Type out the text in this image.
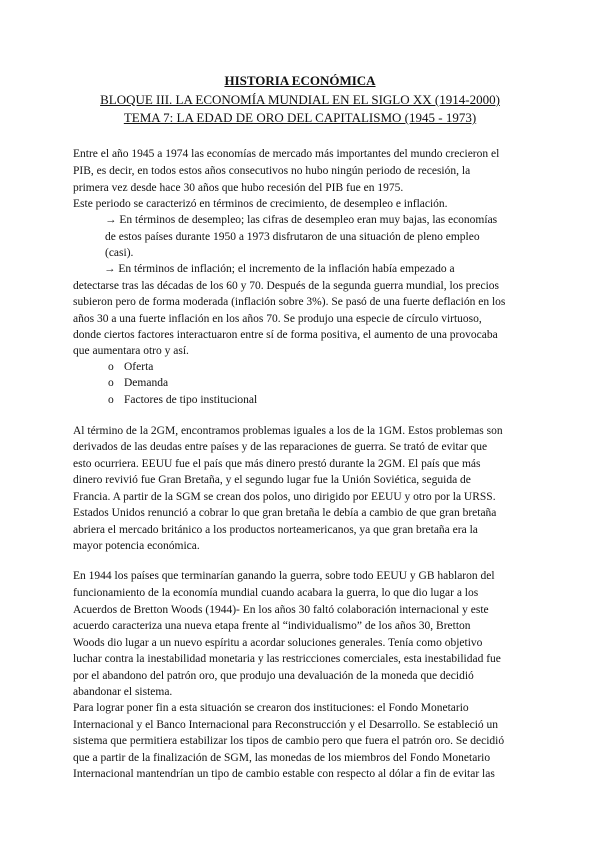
HISTORIA ECONÓMICA
BLOQUE III. LA ECONOMÍA MUNDIAL EN EL SIGLO XX (1914-2000)
TEMA 7: LA EDAD DE ORO DEL CAPITALISMO (1945 - 1973)
Entre el año 1945 a 1974 las economías de mercado más importantes del mundo crecieron el
PIB, es decir, en todos estos años consecutivos no hubo ningún periodo de recesión, la
primera vez desde hace 30 años que hubo recesión del PIB fue en 1975.
Este periodo se caracterizó en términos de crecimiento, de desempleo e inflación.
→ En términos de desempleo; las cifras de desempleo eran muy bajas, las economías
de estos países durante 1950 a 1973 disfrutaron de una situación de pleno empleo
(casi).
→ En términos de inflación; el incremento de la inflación había empezado a
detectarse tras las décadas de los 60 y 70. Después de la segunda guerra mundial, los precios
subieron pero de forma moderada (inflación sobre 3%). Se pasó de una fuerte deflación en los
años 30 a una fuerte inflación en los años 70. Se produjo una especie de círculo virtuoso,
donde ciertos factores interactuaron entre sí de forma positiva, el aumento de una provocaba
que aumentara otro y así.
o Oferta
o Demanda
o Factores de tipo institucional
Al término de la 2GM, encontramos problemas iguales a los de la 1GM. Estos problemas son
derivados de las deudas entre países y de las reparaciones de guerra. Se trató de evitar que
esto ocurriera. EEUU fue el país que más dinero prestó durante la 2GM. El país que más
dinero revivió fue Gran Bretaña, y el segundo lugar fue la Unión Soviética, seguida de
Francia. A partir de la SGM se crean dos polos, uno dirigido por EEUU y otro por la URSS.
Estados Unidos renunció a cobrar lo que gran bretaña le debía a cambio de que gran bretaña
abriera el mercado británico a los productos norteamericanos, ya que gran bretaña era la
mayor potencia económica.
En 1944 los países que terminarían ganando la guerra, sobre todo EEUU y GB hablaron del
funcionamiento de la economía mundial cuando acabara la guerra, lo que dio lugar a los
Acuerdos de Bretton Woods (1944)- En los años 30 faltó colaboración internacional y este
acuerdo caracteriza una nueva etapa frente al “individualismo” de los años 30, Bretton
Woods dio lugar a un nuevo espíritu a acordar soluciones generales. Tenía como objetivo
luchar contra la inestabilidad monetaria y las restricciones comerciales, esta inestabilidad fue
por el abandono del patrón oro, que produjo una devaluación de la moneda que decidió
abandonar el sistema.
Para lograr poner fin a esta situación se crearon dos instituciones: el Fondo Monetario
Internacional y el Banco Internacional para Reconstrucción y el Desarrollo. Se estableció un
sistema que permitiera estabilizar los tipos de cambio pero que fuera el patrón oro. Se decidió
que a partir de la finalización de SGM, las monedas de los miembros del Fondo Monetario
Internacional mantendrían un tipo de cambio estable con respecto al dólar a fin de evitar las
